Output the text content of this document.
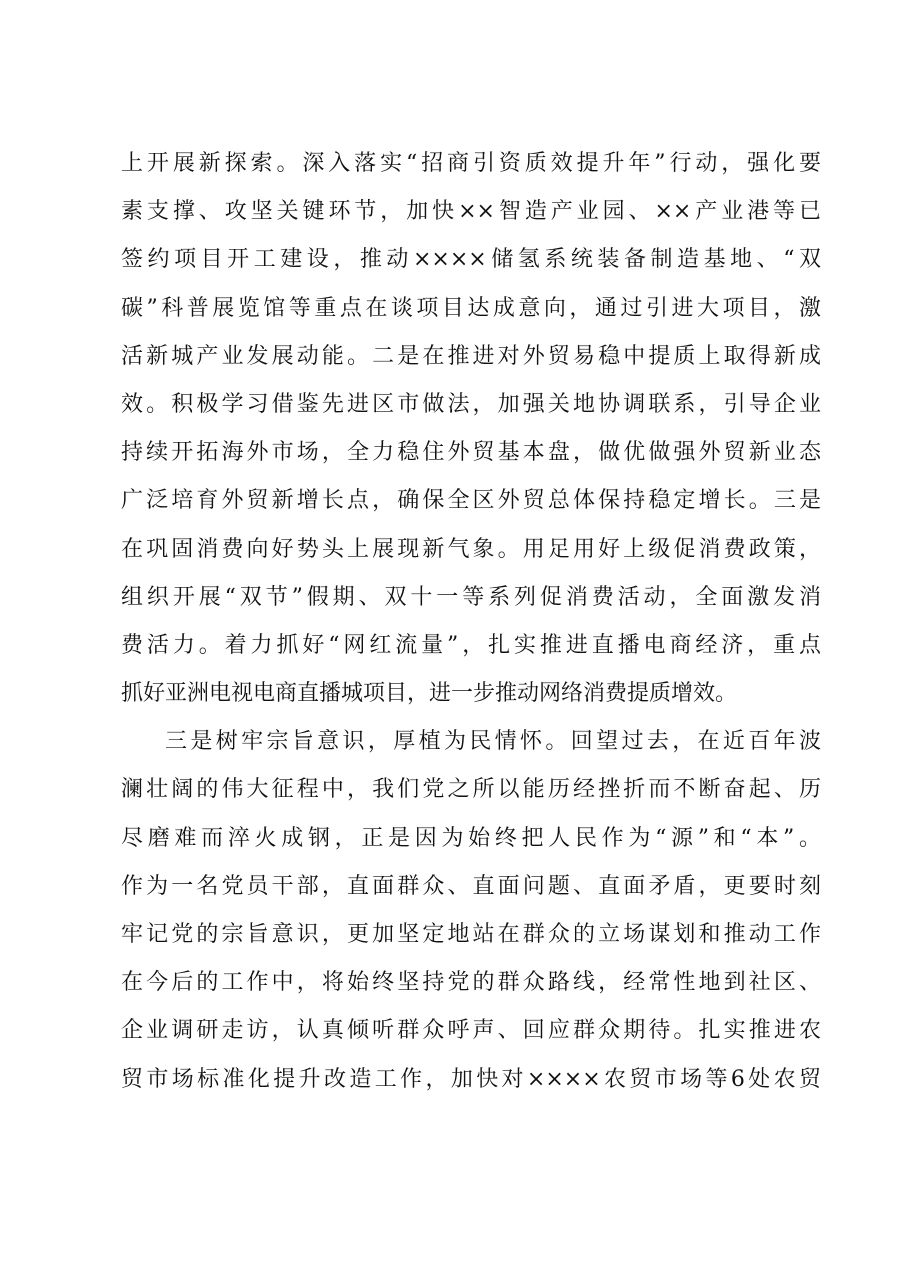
上开展新探索。深入落实“招商引资质效提升年”行动，强化要
素支撑、攻坚关键环节，加快××智造产业园、××产业港等已
签约项目开工建设，推动××××储氢系统装备制造基地、“双
碳”科普展览馆等重点在谈项目达成意向，通过引进大项目，激
活新城产业发展动能。二是在推进对外贸易稳中提质上取得新成
效。积极学习借鉴先进区市做法，加强关地协调联系，引导企业
持续开拓海外市场，全力稳住外贸基本盘，做优做强外贸新业态
广泛培育外贸新增长点，确保全区外贸总体保持稳定增长。三是
在巩固消费向好势头上展现新气象。用足用好上级促消费政策，
组织开展“双节”假期、双十一等系列促消费活动，全面激发消
费活力。着力抓好“网红流量”，扎实推进直播电商经济，重点
抓好亚洲电视电商直播城项目，进一步推动网络消费提质增效。
三是树牢宗旨意识，厚植为民情怀。回望过去，在近百年波
澜壮阔的伟大征程中，我们党之所以能历经挫折而不断奋起、历
尽磨难而淬火成钢，正是因为始终把人民作为“源”和“本”。
作为一名党员干部，直面群众、直面问题、直面矛盾，更要时刻
牢记党的宗旨意识，更加坚定地站在群众的立场谋划和推动工作
在今后的工作中，将始终坚持党的群众路线，经常性地到社区、
企业调研走访，认真倾听群众呼声、回应群众期待。扎实推进农
贸市场标准化提升改造工作，加快对××××农贸市场等6处农贸
